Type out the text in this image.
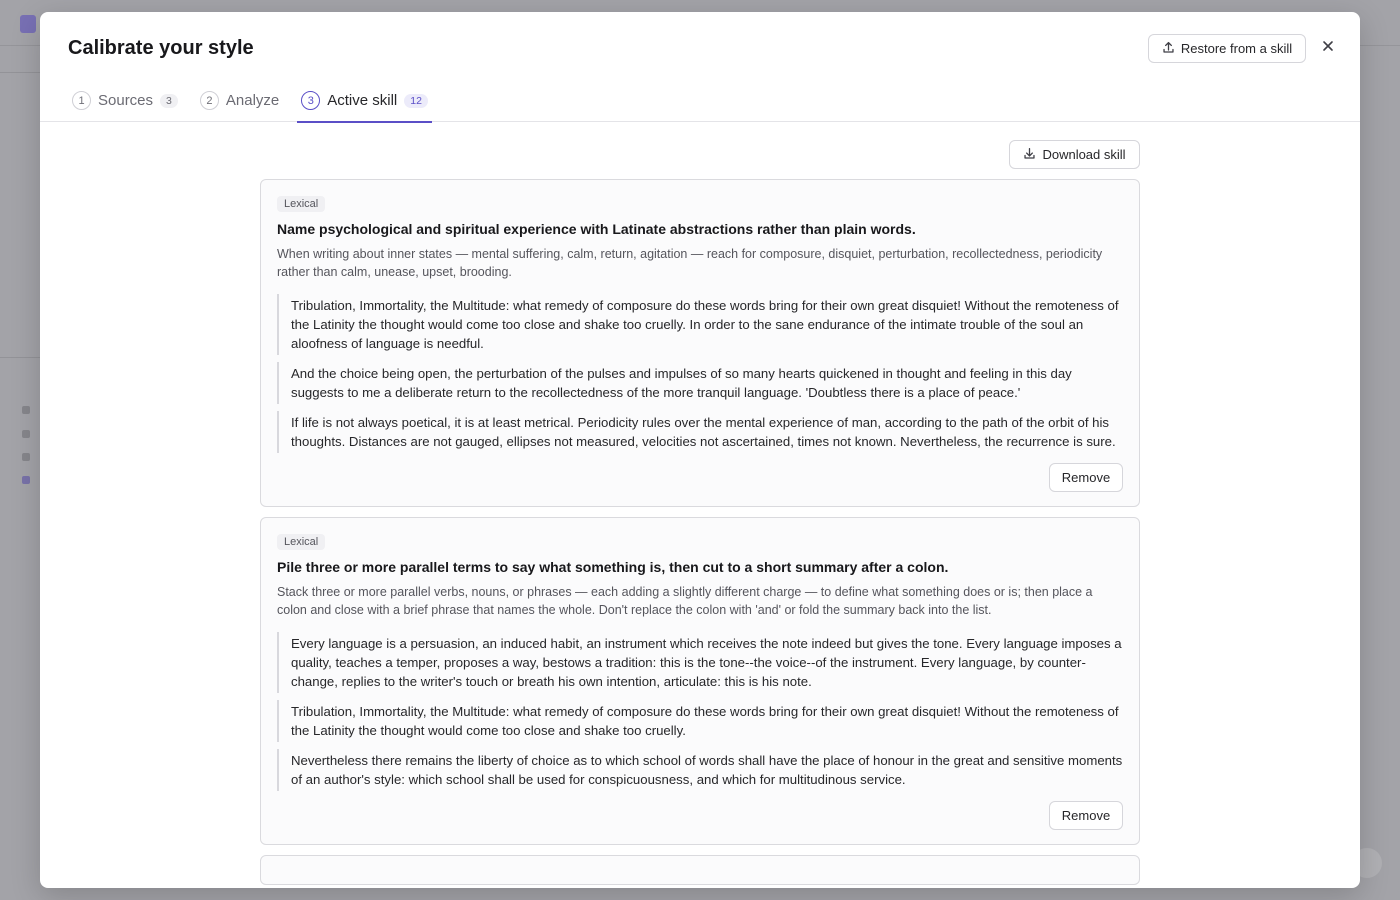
Calibrate your style	Restore from a skill
1 Sources	3	2 Analyze	3 Active skill	12
Download skill
Lexical
Name psychological and spiritual experience with Latinate abstractions rather than plain words.
When writing about inner states — mental suffering, calm, return, agitation — reach for composure, disquiet, perturbation, recollectedness, periodicity rather than calm, unease, upset, brooding.
Tribulation, Immortality, the Multitude: what remedy of composure do these words bring for their own great disquiet! Without the remoteness of the Latinity the thought would come too close and shake too cruelly. In order to the sane endurance of the intimate trouble of the soul an aloofness of language is needful.
And the choice being open, the perturbation of the pulses and impulses of so many hearts quickened in thought and feeling in this day suggests to me a deliberate return to the recollectedness of the more tranquil language. 'Doubtless there is a place of peace.'
If life is not always poetical, it is at least metrical. Periodicity rules over the mental experience of man, according to the path of the orbit of his thoughts. Distances are not gauged, ellipses not measured, velocities not ascertained, times not known. Nevertheless, the recurrence is sure.
Remove
Lexical
Pile three or more parallel terms to say what something is, then cut to a short summary after a colon.
Stack three or more parallel verbs, nouns, or phrases — each adding a slightly different charge — to define what something does or is; then place a colon and close with a brief phrase that names the whole. Don't replace the colon with 'and' or fold the summary back into the list.
Every language is a persuasion, an induced habit, an instrument which receives the note indeed but gives the tone. Every language imposes a quality, teaches a temper, proposes a way, bestows a tradition: this is the tone--the voice--of the instrument. Every language, by counter-change, replies to the writer's touch or breath his own intention, articulate: this is his note.
Tribulation, Immortality, the Multitude: what remedy of composure do these words bring for their own great disquiet! Without the remoteness of the Latinity the thought would come too close and shake too cruelly.
Nevertheless there remains the liberty of choice as to which school of words shall have the place of honour in the great and sensitive moments of an author's style: which school shall be used for conspicuousness, and which for multitudinous service.
Remove
